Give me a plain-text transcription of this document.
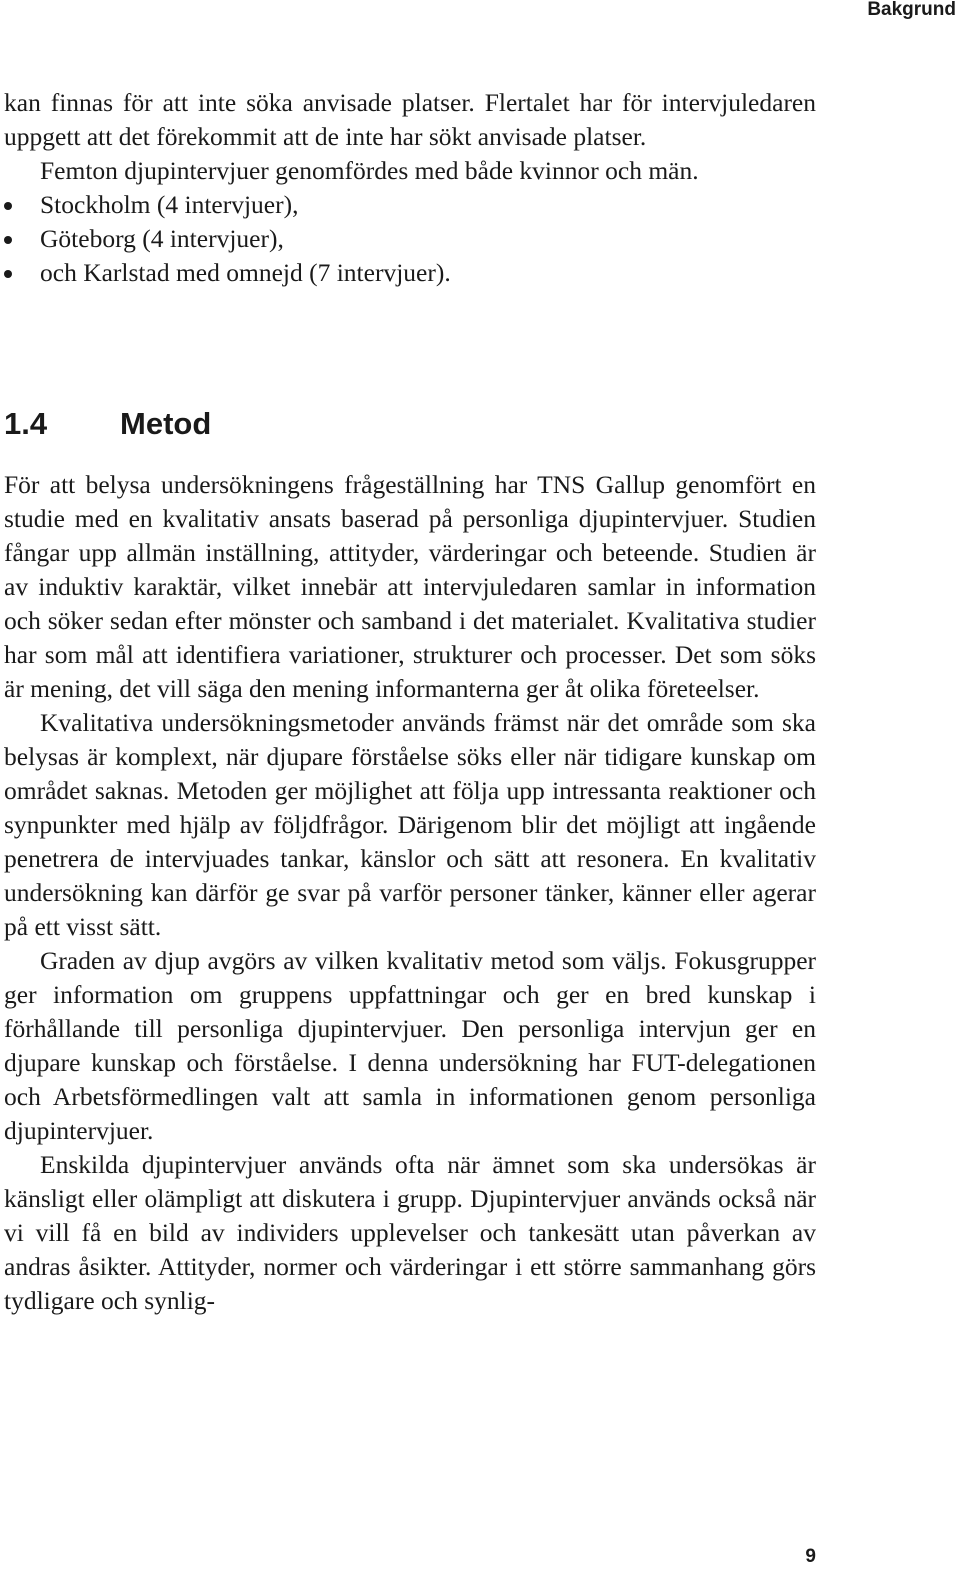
Bakgrund

kan finnas för att inte söka anvisade platser. Flertalet har för intervjuledaren uppgett att det förekommit att de inte har sökt anvisade platser.

Femton djupintervjuer genomfördes med både kvinnor och män.

Stockholm (4 intervjuer),
Göteborg (4 intervjuer),
och Karlstad med omnejd (7 intervjuer).
1.4 Metod

För att belysa undersökningens frågeställning har TNS Gallup genomfört en studie med en kvalitativ ansats baserad på personliga djupintervjuer. Studien fångar upp allmän inställning, attityder, värderingar och beteende. Studien är av induktiv karaktär, vilket innebär att intervjuledaren samlar in information och söker sedan efter mönster och samband i det materialet. Kvalitativa studier har som mål att identifiera variationer, strukturer och processer. Det som söks är mening, det vill säga den mening informanterna ger åt olika företeelser.

Kvalitativa undersökningsmetoder används främst när det område som ska belysas är komplext, när djupare förståelse söks eller när tidigare kunskap om området saknas. Metoden ger möjlighet att följa upp intressanta reaktioner och synpunkter med hjälp av följdfrågor. Därigenom blir det möjligt att ingående penetrera de intervjuades tankar, känslor och sätt att resonera. En kvalitativ undersökning kan därför ge svar på varför personer tänker, känner eller agerar på ett visst sätt.

Graden av djup avgörs av vilken kvalitativ metod som väljs. Fokusgrupper ger information om gruppens uppfattningar och ger en bred kunskap i förhållande till personliga djupintervjuer. Den personliga intervjun ger en djupare kunskap och förståelse. I denna undersökning har FUT-delegationen och Arbetsförmedlingen valt att samla in informationen genom personliga djupintervjuer.

Enskilda djupintervjuer används ofta när ämnet som ska undersökas är känsligt eller olämpligt att diskutera i grupp. Djupintervjuer används också när vi vill få en bild av individers upplevelser och tankesätt utan påverkan av andras åsikter. Attityder, normer och värderingar i ett större sammanhang görs tydligare och synlig-

9
